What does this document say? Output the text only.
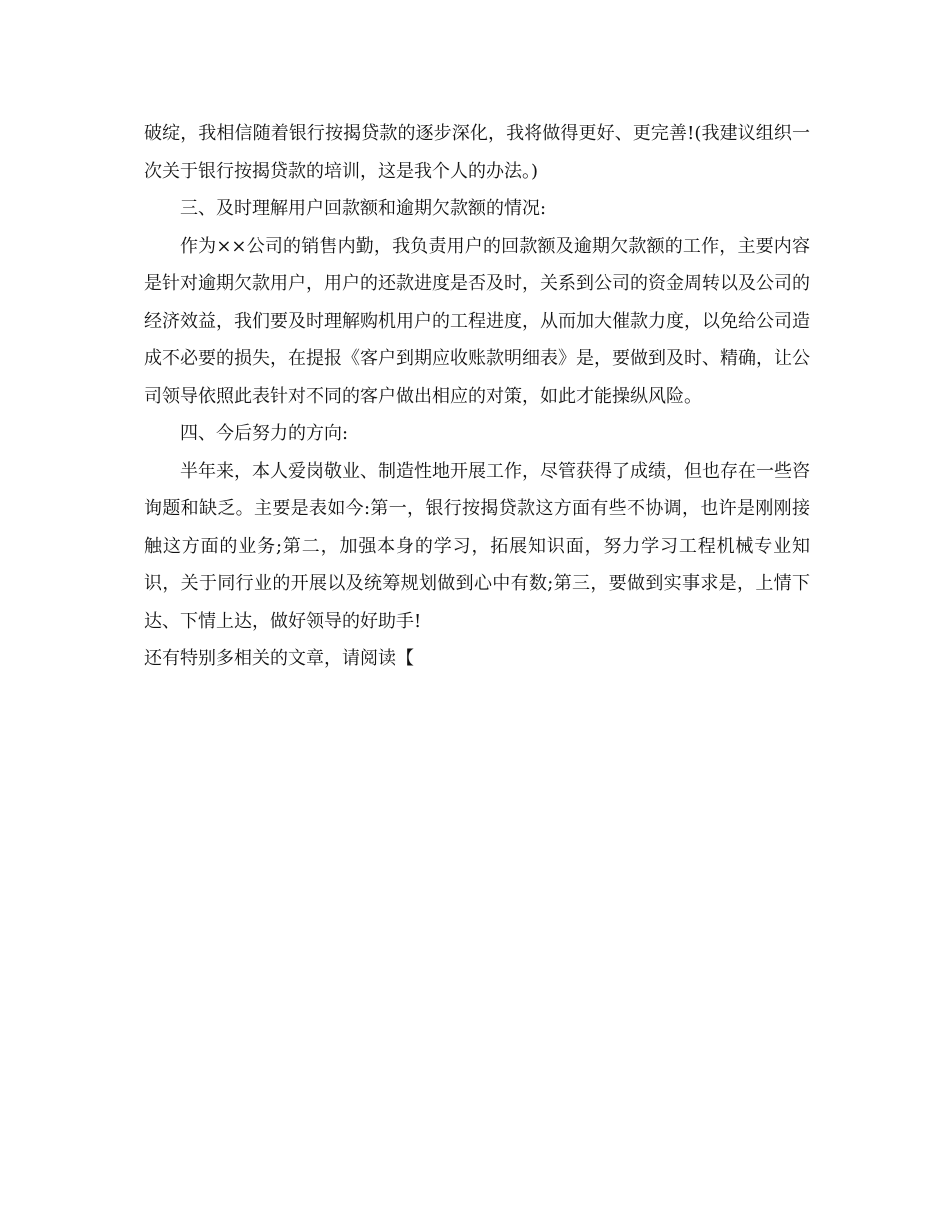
破绽，我相信随着银行按揭贷款的逐步深化，我将做得更好、更完善!(我建议组织一次关于银行按揭贷款的培训，这是我个人的办法。)

三、及时理解用户回款额和逾期欠款额的情况:

作为××公司的销售内勤，我负责用户的回款额及逾期欠款额的工作，主要内容是针对逾期欠款用户，用户的还款进度是否及时，关系到公司的资金周转以及公司的经济效益，我们要及时理解购机用户的工程进度，从而加大催款力度，以免给公司造成不必要的损失，在提报《客户到期应收账款明细表》是，要做到及时、精确，让公司领导依照此表针对不同的客户做出相应的对策，如此才能操纵风险。

四、今后努力的方向:

半年来，本人爱岗敬业、制造性地开展工作，尽管获得了成绩，但也存在一些咨询题和缺乏。主要是表如今:第一，银行按揭贷款这方面有些不协调，也许是刚刚接触这方面的业务;第二，加强本身的学习，拓展知识面，努力学习工程机械专业知识，关于同行业的开展以及统筹规划做到心中有数;第三，要做到实事求是，上情下达、下情上达，做好领导的好助手!

还有特别多相关的文章，请阅读【
